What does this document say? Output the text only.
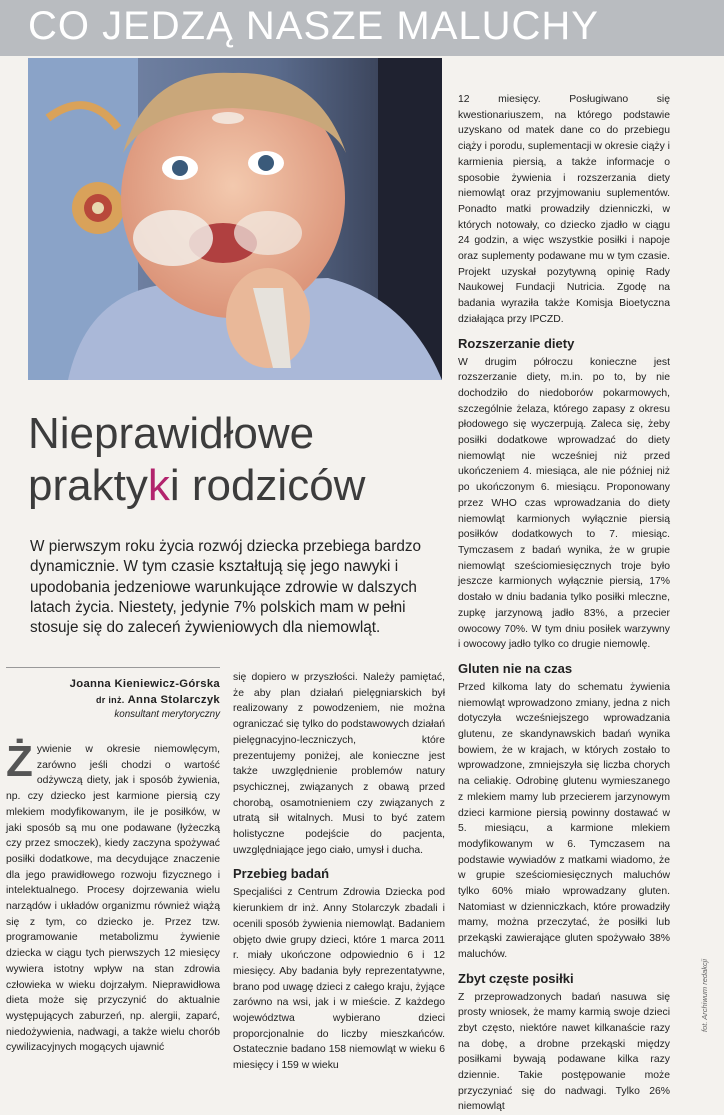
CO JEDZĄ NASZE MALUCHY
Nieprawidłowe
praktyki rodziców
W pierwszym roku życia rozwój dziecka przebiega bardzo dynamicznie. W tym czasie kształtują się jego nawyki i upodobania jedzeniowe warunkujące zdrowie w dalszych latach życia. Niestety, jedynie 7% polskich mam w pełni stosuje się do zaleceń żywieniowych dla niemowląt.
Joanna Kieniewicz-Górska
dr inż. Anna Stolarczyk
konsultant merytoryczny

Żywienie w okresie niemowlęcym, zarówno jeśli chodzi o wartość odżywczą diety, jak i sposób żywienia, np. czy dziecko jest karmione piersią czy mlekiem modyfikowanym, ile je posiłków, w jaki sposób są mu one podawane (łyżeczką czy przez smoczek), kiedy zaczyna spożywać posiłki dodatkowe, ma decydujące znaczenie dla jego prawidłowego rozwoju fizycznego i intelektualnego. Procesy dojrzewania wielu narządów i układów organizmu również wiążą się z tym, co dziecko je. Przez tzw. programowanie metabolizmu żywienie dziecka w ciągu tych pierwszych 12 miesięcy wywiera istotny wpływ na stan zdrowia człowieka w wieku dojrzałym. Nieprawidłowa dieta może się przyczynić do aktualnie występujących zaburzeń, np. alergii, zaparć, niedożywienia, nadwagi, a także wielu chorób cywilizacyjnych mogących ujawnić

się dopiero w przyszłości. Należy pamiętać, że aby plan działań pielęgniarskich był realizowany z powodzeniem, nie można ograniczać się tylko do podstawowych działań pielęgnacyjno-leczniczych, które prezentujemy poniżej, ale konieczne jest także uwzględnienie problemów natury psychicznej, związanych z obawą przed chorobą, osamotnieniem czy związanych z utratą sił witalnych. Musi to być zatem holistyczne podejście do pacjenta, uwzględniające jego ciało, umysł i ducha.

Przebieg badań

Specjaliści z Centrum Zdrowia Dziecka pod kierunkiem dr inż. Anny Stolarczyk zbadali i ocenili sposób żywienia niemowląt. Badaniem objęto dwie grupy dzieci, które 1 marca 2011 r. miały ukończone odpowiednio 6 i 12 miesięcy. Aby badania były reprezentatywne, brano pod uwagę dzieci z całego kraju, żyjące zarówno na wsi, jak i w mieście. Z każdego województwa wybierano dzieci proporcjonalnie do liczby mieszkańców. Ostatecznie badano 158 niemowląt w wieku 6 miesięcy i 159 w wieku

12 miesięcy. Posługiwano się kwestionariuszem, na którego podstawie uzyskano od matek dane co do przebiegu ciąży i porodu, suplementacji w okresie ciąży i karmienia piersią, a także informacje o sposobie żywienia i rozszerzania diety niemowląt oraz przyjmowaniu suplementów. Ponadto matki prowadziły dzienniczki, w których notowały, co dziecko zjadło w ciągu 24 godzin, a więc wszystkie posiłki i napoje oraz suplementy podawane mu w tym czasie. Projekt uzyskał pozytywną opinię Rady Naukowej Fundacji Nutricia. Zgodę na badania wyraziła także Komisja Bioetyczna działająca przy IPCZD.

Rozszerzanie diety

W drugim półroczu konieczne jest rozszerzanie diety, m.in. po to, by nie dochodziło do niedoborów pokarmowych, szczególnie żelaza, którego zapasy z okresu płodowego się wyczerpują. Zaleca się, żeby posiłki dodatkowe wprowadzać do diety niemowląt nie wcześniej niż przed ukończeniem 4. miesiąca, ale nie później niż po ukończonym 6. miesiącu. Proponowany przez WHO czas wprowadzania do diety niemowląt karmionych wyłącznie piersią posiłków dodatkowych to 7. miesiąc. Tymczasem z badań wynika, że w grupie niemowląt sześciomiesięcznych troje było jeszcze karmionych wyłącznie piersią, 17% dostało w dniu badania tylko posiłki mleczne, zupkę jarzynową jadło 83%, a przecier owocowy 70%. W tym dniu posiłek warzywny i owocowy jadło tylko co drugie niemowlę.

Gluten nie na czas

Przed kilkoma laty do schematu żywienia niemowląt wprowadzono zmiany, jedna z nich dotyczyła wcześniejszego wprowadzania glutenu, ze skandynawskich badań wynika bowiem, że w krajach, w których zostało to wprowadzone, zmniejszyła się liczba chorych na celiakię. Odrobinę glutenu wymieszanego z mlekiem mamy lub przecierem jarzynowym dzieci karmione piersią powinny dostawać w 5. miesiącu, a karmione mlekiem modyfikowanym w 6. Tymczasem na podstawie wywiadów z matkami wiadomo, że w grupie sześciomiesięcznych maluchów tylko 60% miało wprowadzany gluten. Natomiast w dzienniczkach, które prowadziły mamy, można przeczytać, że posiłki lub przekąski zawierające gluten spożywało 38% maluchów.

Zbyt częste posiłki

Z przeprowadzonych badań nasuwa się prosty wniosek, że mamy karmią swoje dzieci zbyt często, niektóre nawet kilkanaście razy na dobę, a drobne przekąski między posiłkami bywają podawane kilka razy dziennie. Takie postępowanie może przyczyniać się do nadwagi. Tylko 26% niemowląt

fot. Archiwum redakcji
